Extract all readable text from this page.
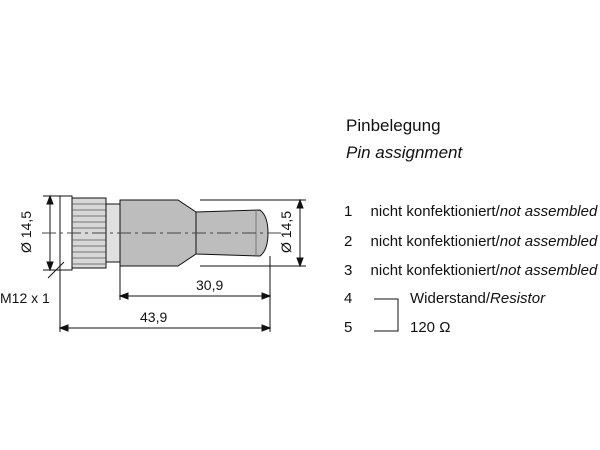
Ø 14,5	Ø 14,5
M12 x 1
30,9
43,9
Pinbelegung
Pin assignment
1 nicht konfektioniert/not assembled
2 nicht konfektioniert/not assembled
3 nicht konfektioniert/not assembled
4	Widerstand/Resistor
5	120 Ω
